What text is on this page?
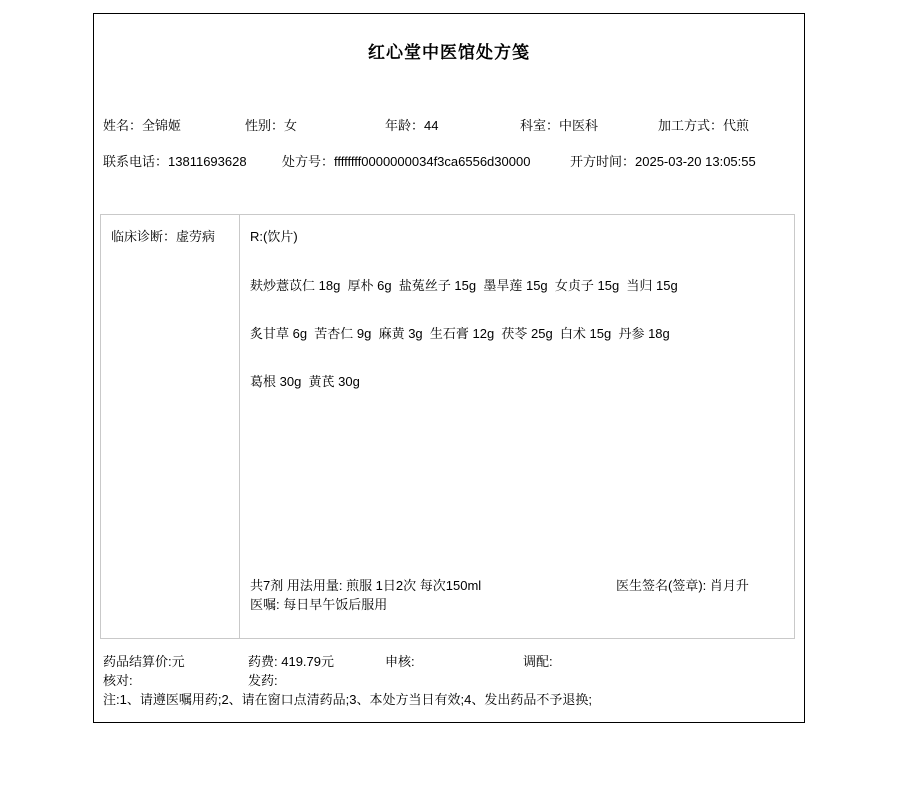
红心堂中医馆处方笺
姓名：全锦姬	性别：女	年龄：44	科室：中医科	加工方式：代煎
联系电话：13811693628	处方号：ffffffff0000000034f3ca6556d30000	开方时间：2025-03-20 13:05:55
临床诊断：虚劳病	R:(饮片)
麸炒薏苡仁 18g  厚朴 6g  盐菟丝子 15g  墨旱莲 15g  女贞子 15g  当归 15g
炙甘草 6g  苦杏仁 9g  麻黄 3g  生石膏 12g  茯苓 25g  白术 15g  丹参 18g
葛根 30g  黄芪 30g
共7剂 用法用量: 煎服 1日2次 每次150ml	医生签名(签章): 肖月升
医嘱: 每日早午饭后服用
药品结算价:元	药费: 419.79元	申核:	调配:
核对:	发药:
注:1、请遵医嘱用药;2、请在窗口点清药品;3、本处方当日有效;4、发出药品不予退换;
